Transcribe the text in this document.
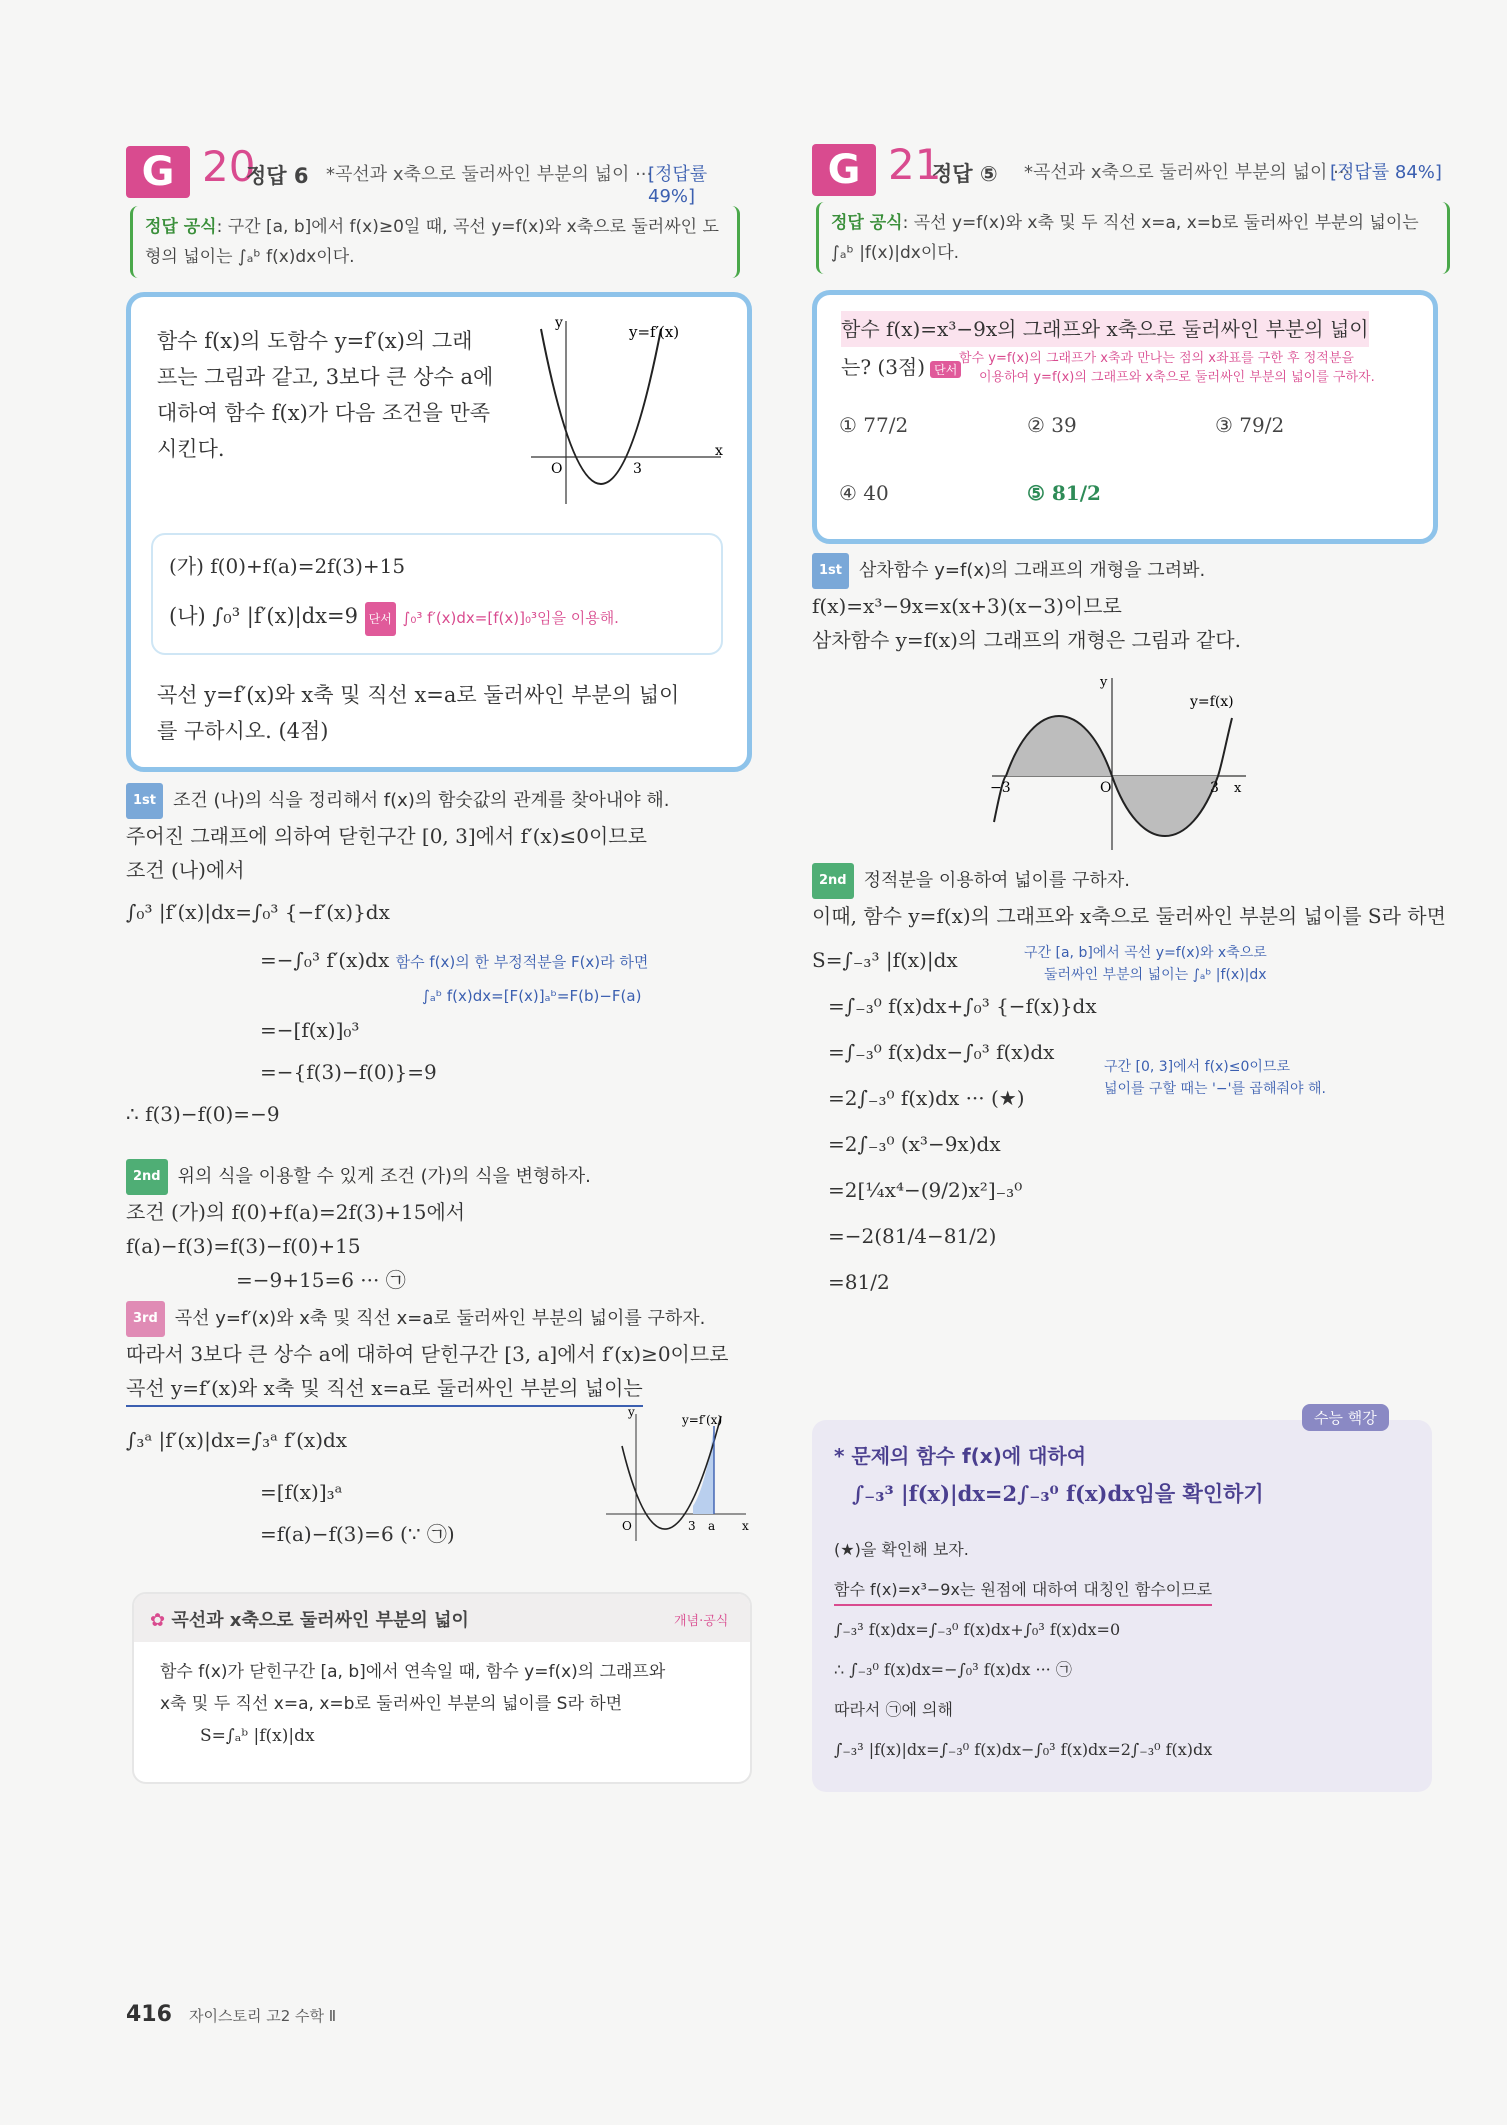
G 20
정답 6 *곡선과 x축으로 둘러싸인 부분의 넓이 ···
[정답률 49%]
정답 공식: 구간 [a, b]에서 f(x)≥0일 때, 곡선 y=f(x)와 x축으로 둘러싸인 도
형의 넓이는 ∫ₐᵇ f(x)dx이다.
함수 f(x)의 도함수 y=f′(x)의 그래
프는 그림과 같고, 3보다 큰 상수 a에
대하여 함수 f(x)가 다음 조건을 만족
시킨다.
y
x
O	3
y=f′(x)
(가) f(0)+f(a)=2f(3)+15
(나) ∫₀³ |f′(x)|dx=9 단서 ∫₀³ f′(x)dx=[f(x)]₀³임을 이용해.
곡선 y=f′(x)와 x축 및 직선 x=a로 둘러싸인 부분의 넓이
를 구하시오. (4점)
1st 조건 (나)의 식을 정리해서 f(x)의 함숫값의 관계를 찾아내야 해.
주어진 그래프에 의하여 닫힌구간 [0, 3]에서 f′(x)≤0이므로
조건 (나)에서
∫₀³ |f′(x)|dx=∫₀³ {−f′(x)}dx
=−∫₀³ f′(x)dx 함수 f(x)의 한 부정적분을 F(x)라 하면
∫ₐᵇ f(x)dx=[F(x)]ₐᵇ=F(b)−F(a)
=−[f(x)]₀³
=−{f(3)−f(0)}=9
∴ f(3)−f(0)=−9
2nd 위의 식을 이용할 수 있게 조건 (가)의 식을 변형하자.
조건 (가)의 f(0)+f(a)=2f(3)+15에서
f(a)−f(3)=f(3)−f(0)+15
=−9+15=6 ··· ㉠
3rd 곡선 y=f′(x)와 x축 및 직선 x=a로 둘러싸인 부분의 넓이를 구하자.
따라서 3보다 큰 상수 a에 대하여 닫힌구간 [3, a]에서 f′(x)≥0이므로
곡선 y=f′(x)와 x축 및 직선 x=a로 둘러싸인 부분의 넓이는
∫₃ᵃ |f′(x)|dx=∫₃ᵃ f′(x)dx
=[f(x)]₃ᵃ
=f(a)−f(3)=6 (∵ ㉠)
y
x
O	3 a
y=f′(x)
✿ 곡선과 x축으로 둘러싸인 부분의 넓이	개념·공식
함수 f(x)가 닫힌구간 [a, b]에서 연속일 때, 함수 y=f(x)의 그래프와
x축 및 두 직선 x=a, x=b로 둘러싸인 부분의 넓이를 S라 하면
S=∫ₐᵇ |f(x)|dx
G 21
정답 ⑤ *곡선과 x축으로 둘러싸인 부분의 넓이 ···
[정답률 84%]
정답 공식: 곡선 y=f(x)와 x축 및 두 직선 x=a, x=b로 둘러싸인 부분의 넓이는
∫ₐᵇ |f(x)|dx이다.
함수 f(x)=x³−9x의 그래프와 x축으로 둘러싸인 부분의 넓이
는? (3점) 단서
함수 y=f(x)의 그래프가 x축과 만나는 점의 x좌표를 구한 후 정적분을
이용하여 y=f(x)의 그래프와 x축으로 둘러싸인 부분의 넓이를 구하자.
① 77/2	② 39	③ 79/2
④ 40	⑤ 81/2
1st 삼차함수 y=f(x)의 그래프의 개형을 그려봐.
f(x)=x³−9x=x(x+3)(x−3)이므로
삼차함수 y=f(x)의 그래프의 개형은 그림과 같다.
y
x
O
−3	3
y=f(x)
2nd 정적분을 이용하여 넓이를 구하자.
이때, 함수 y=f(x)의 그래프와 x축으로 둘러싸인 부분의 넓이를 S라 하면
S=∫₋₃³ |f(x)|dx
=∫₋₃⁰ f(x)dx+∫₀³ {−f(x)}dx
=∫₋₃⁰ f(x)dx−∫₀³ f(x)dx
=2∫₋₃⁰ f(x)dx ··· (★)
=2∫₋₃⁰ (x³−9x)dx
=2[¼x⁴−(9/2)x²]₋₃⁰
=−2(81/4−81/2)
=81/2
구간 [a, b]에서 곡선 y=f(x)와 x축으로
둘러싸인 부분의 넓이는 ∫ₐᵇ |f(x)|dx
구간 [0, 3]에서 f(x)≤0이므로
넓이를 구할 때는 '−'를 곱해줘야 해.
수능 핵강
* 문제의 함수 f(x)에 대하여
∫₋₃³ |f(x)|dx=2∫₋₃⁰ f(x)dx임을 확인하기
(★)을 확인해 보자.
함수 f(x)=x³−9x는 원점에 대하여 대칭인 함수이므로
∫₋₃³ f(x)dx=∫₋₃⁰ f(x)dx+∫₀³ f(x)dx=0
∴ ∫₋₃⁰ f(x)dx=−∫₀³ f(x)dx ··· ㉠
따라서 ㉠에 의해
∫₋₃³ |f(x)|dx=∫₋₃⁰ f(x)dx−∫₀³ f(x)dx=2∫₋₃⁰ f(x)dx
416 자이스토리 고2 수학 Ⅱ
